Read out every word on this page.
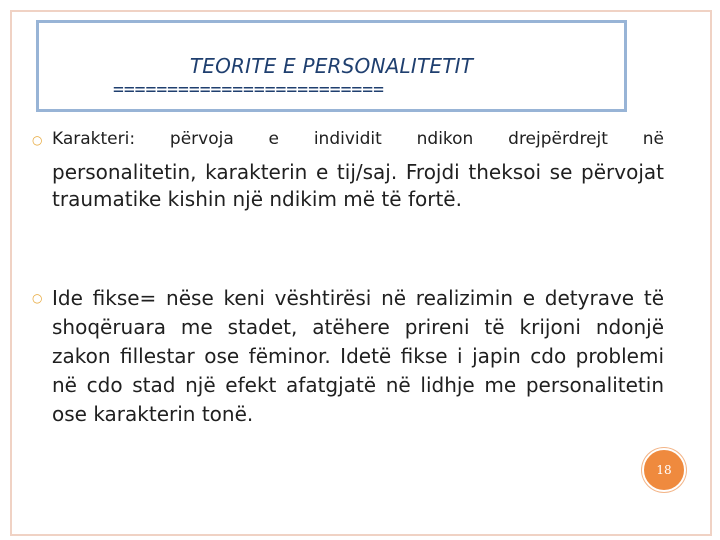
TEORITE E PERSONALITETIT
=========================
○ Karakteri: përvoja e individit ndikon drejpërdrejt në
personalitetin, karakterin e tij/saj. Frojdi theksoi se përvojat traumatike kishin një ndikim më të fortë.
○ Ide fikse= nëse keni vështirësi në realizimin e detyrave të shoqëruara me stadet, atëhere prireni të krijoni ndonjë zakon fillestar ose fëminor. Idetë fikse i japin cdo problemi në cdo stad një efekt afatgjatë në lidhje me personalitetin ose karakterin tonë.
18
